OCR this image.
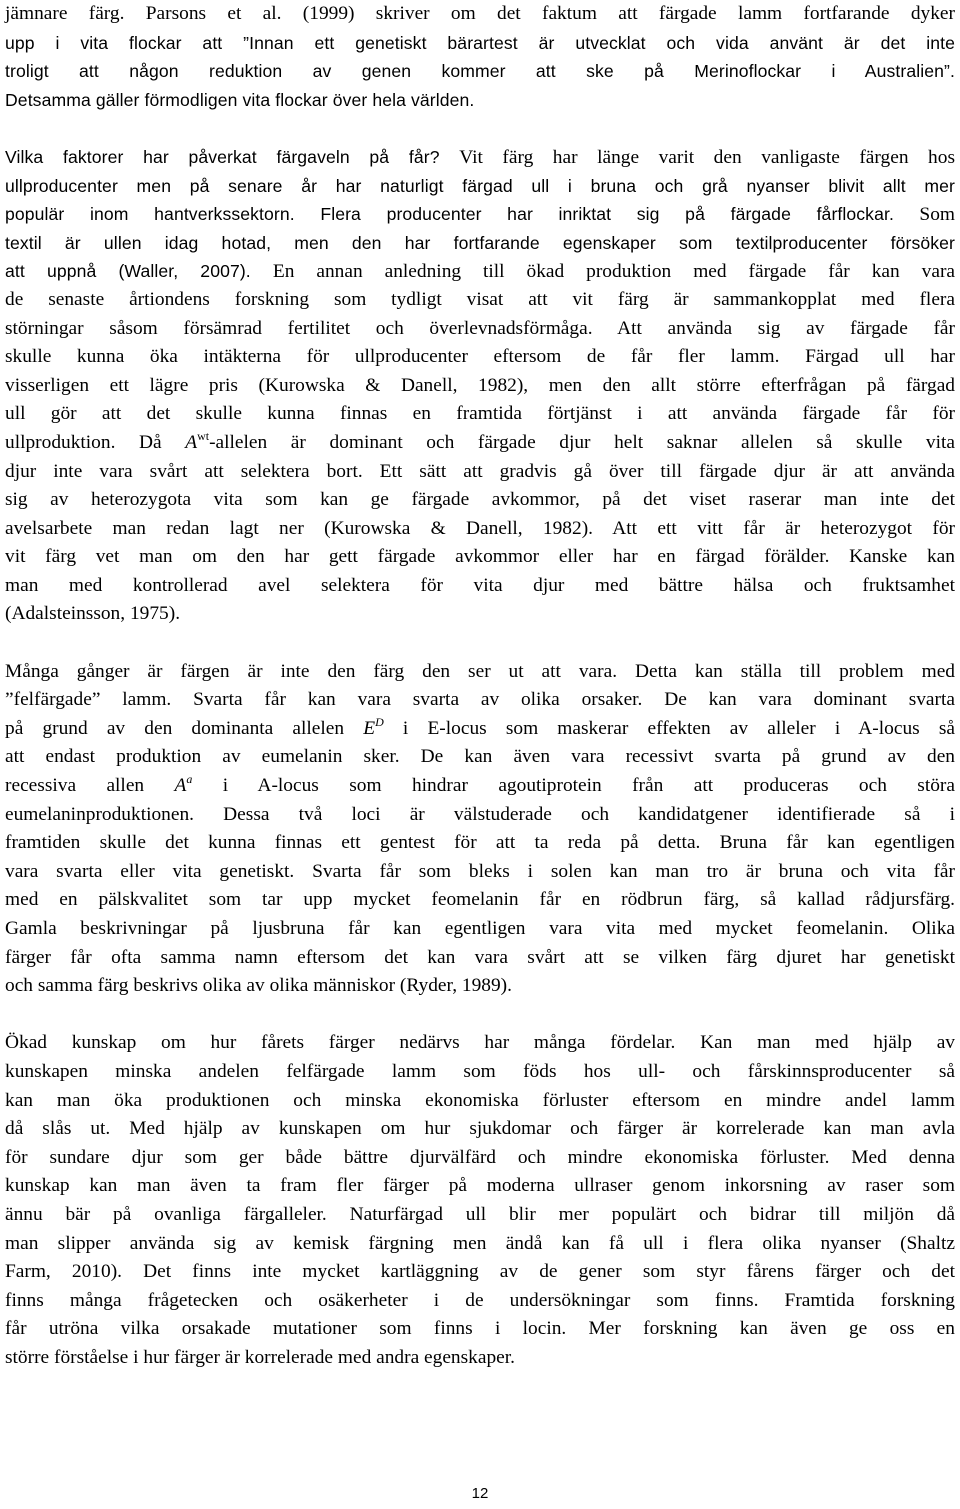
jämnare färg. Parsons et al. (1999) skriver om det faktum att färgade lamm fortfarande dyker
upp i vita flockar att ”Innan ett genetiskt bärartest är utvecklat och vida använt är det inte
troligt att någon reduktion av genen kommer att ske på Merinoflockar i Australien”.
Detsamma gäller förmodligen vita flockar över hela världen.
Vilka faktorer har påverkat färgaveln på får? Vit färg har länge varit den vanligaste färgen hos
ullproducenter men på senare år har naturligt färgad ull i bruna och grå nyanser blivit allt mer
populär inom hantverkssektorn. Flera producenter har inriktat sig på färgade fårflockar. Som
textil är ullen idag hotad, men den har fortfarande egenskaper som textilproducenter försöker
att uppnå (Waller, 2007). En annan anledning till ökad produktion med färgade får kan vara
de senaste årtiondens forskning som tydligt visat att vit färg är sammankopplat med flera
störningar såsom försämrad fertilitet och överlevnadsförmåga. Att använda sig av färgade får
skulle kunna öka intäkterna för ullproducenter eftersom de får fler lamm. Färgad ull har
visserligen ett lägre pris (Kurowska & Danell, 1982), men den allt större efterfrågan på färgad
ull gör att det skulle kunna finnas en framtida förtjänst i att använda färgade får för
ullproduktion. Då $A^{wt}$-allelen är dominant och färgade djur helt saknar allelen så skulle vita
djur inte vara svårt att selektera bort. Ett sätt att gradvis gå över till färgade djur är att använda
sig av heterozygota vita som kan ge färgade avkommor, på det viset raserar man inte det
avelsarbete man redan lagt ner (Kurowska & Danell, 1982). Att ett vitt får är heterozygot för
vit färg vet man om den har gett färgade avkommor eller har en färgad förälder. Kanske kan
man med kontrollerad avel selektera för vita djur med bättre hälsa och fruktsamhet
(Adalsteinsson, 1975).
Många gånger är färgen är inte den färg den ser ut att vara. Detta kan ställa till problem med
”felfärgade” lamm. Svarta får kan vara svarta av olika orsaker. De kan vara dominant svarta
på grund av den dominanta allelen $E^D$ i E-locus som maskerar effekten av alleler i A-locus så
att endast produktion av eumelanin sker. De kan även vara recessivt svarta på grund av den
recessiva allen $A^a$ i A-locus som hindrar agoutiprotein från att produceras och störa
eumelaninproduktionen. Dessa två loci är välstuderade och kandidatgener identifierade så i
framtiden skulle det kunna finnas ett gentest för att ta reda på detta. Bruna får kan egentligen
vara svarta eller vita genetiskt. Svarta får som bleks i solen kan man tro är bruna och vita får
med en pälskvalitet som tar upp mycket feomelanin får en rödbrun färg, så kallad rådjursfärg.
Gamla beskrivningar på ljusbruna får kan egentligen vara vita med mycket feomelanin. Olika
färger får ofta samma namn eftersom det kan vara svårt att se vilken färg djuret har genetiskt
och samma färg beskrivs olika av olika människor (Ryder, 1989).
Ökad kunskap om hur fårets färger nedärvs har många fördelar. Kan man med hjälp av
kunskapen minska andelen felfärgade lamm som föds hos ull- och fårskinnsproducenter så
kan man öka produktionen och minska ekonomiska förluster eftersom en mindre andel lamm
då slås ut. Med hjälp av kunskapen om hur sjukdomar och färger är korrelerade kan man avla
för sundare djur som ger både bättre djurvälfärd och mindre ekonomiska förluster. Med denna
kunskap kan man även ta fram fler färger på moderna ullraser genom inkorsning av raser som
ännu bär på ovanliga färgalleler. Naturfärgad ull blir mer populärt och bidrar till miljön då
man slipper använda sig av kemisk färgning men ändå kan få ull i flera olika nyanser (Shaltz
Farm, 2010). Det finns inte mycket kartläggning av de gener som styr fårens färger och det
finns många frågetecken och osäkerheter i de undersökningar som finns. Framtida forskning
får utröna vilka orsakade mutationer som finns i locin. Mer forskning kan även ge oss en
större förståelse i hur färger är korrelerade med andra egenskaper.
12
